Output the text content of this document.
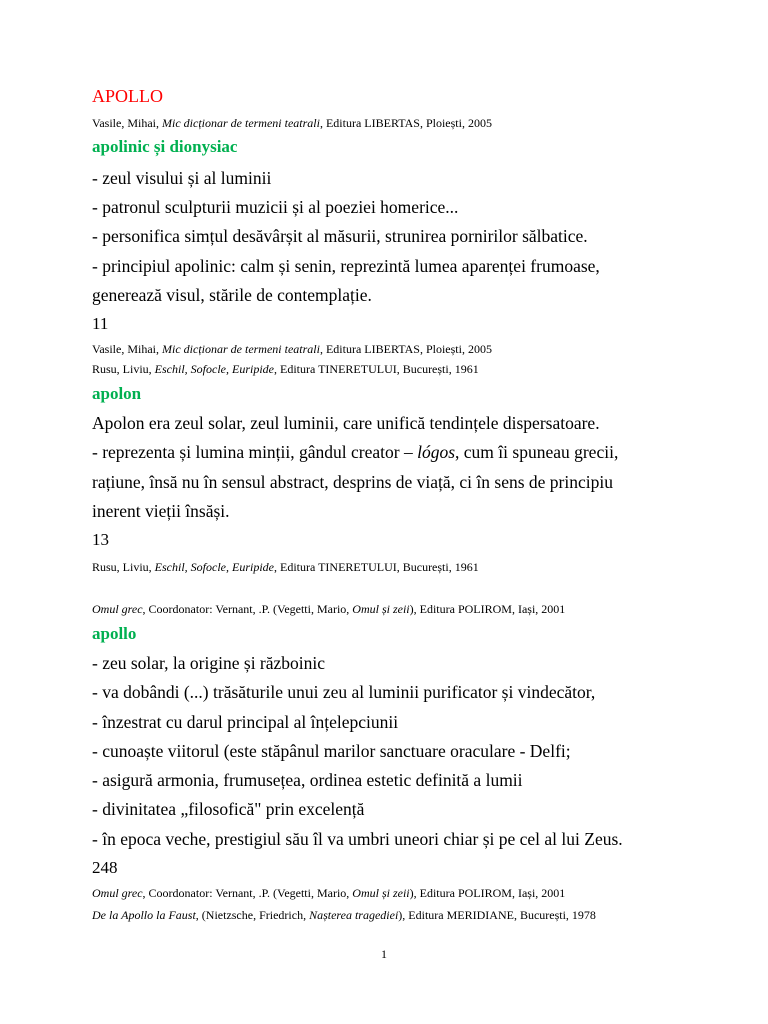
APOLLO
Vasile, Mihai, Mic dicționar de termeni teatrali, Editura LIBERTAS, Ploiești, 2005
apolinic și dionysiac
- zeul visului și al luminii
- patronul sculpturii muzicii și al poeziei homerice...
- personifica simțul desăvârșit al măsurii, strunirea pornirilor sălbatice.
- principiul apolinic: calm și senin, reprezintă lumea aparenței frumoase,
generează visul, stările de contemplație.
11
Vasile, Mihai, Mic dicționar de termeni teatrali, Editura LIBERTAS, Ploiești, 2005
Rusu, Liviu, Eschil, Sofocle, Euripide, Editura TINERETULUI, București, 1961
apolon
Apolon era zeul solar, zeul luminii, care unifică tendințele dispersatoare.
- reprezenta și lumina minții, gândul creator – lógos, cum îi spuneau grecii,
rațiune, însă nu în sensul abstract, desprins de viață, ci în sens de principiu
inerent vieții însăși.
13
Rusu, Liviu, Eschil, Sofocle, Euripide, Editura TINERETULUI, București, 1961
Omul grec, Coordonator: Vernant, .P. (Vegetti, Mario, Omul și zeii), Editura POLIROM, Iași, 2001
apollo
- zeu solar, la origine și războinic
- va dobândi (...) trăsăturile unui zeu al luminii purificator și vindecător,
- înzestrat cu darul principal al înțelepciunii
- cunoaște viitorul (este stăpânul marilor sanctuare oraculare - Delfi;
- asigură armonia, frumusețea, ordinea estetic definită a lumii
- divinitatea „filosofică" prin excelență
- în epoca veche, prestigiul său îl va umbri uneori chiar și pe cel al lui Zeus.
248
Omul grec, Coordonator: Vernant, .P. (Vegetti, Mario, Omul și zeii), Editura POLIROM, Iași, 2001
De la Apollo la Faust, (Nietzsche, Friedrich, Nașterea tragediei), Editura MERIDIANE, București, 1978
1
